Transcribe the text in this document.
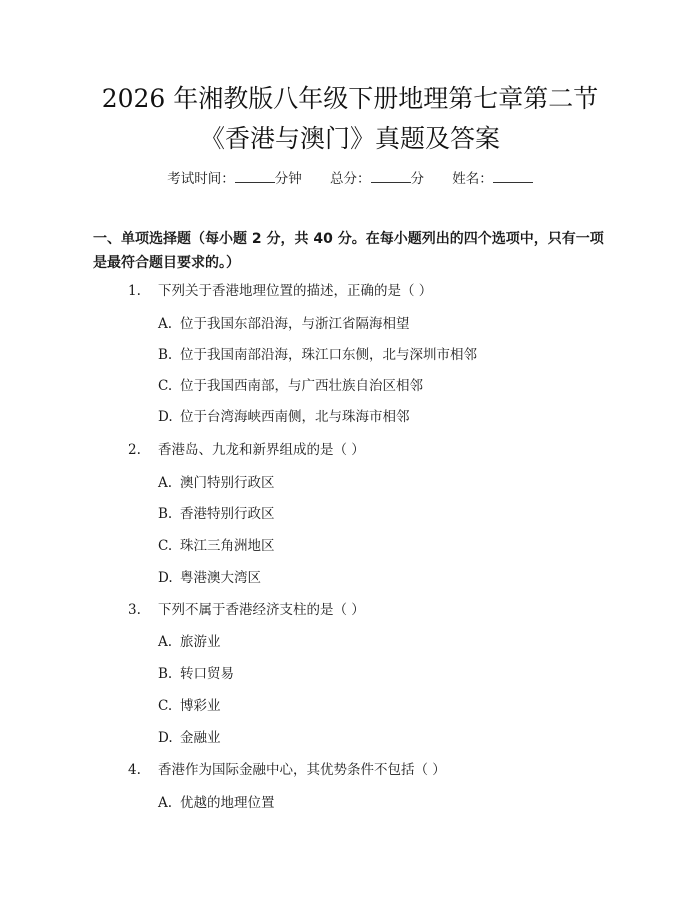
2026 年湘教版八年级下册地理第七章第二节
《香港与澳门》真题及答案
考试时间：	分钟 总分：	分 姓名：
一、单项选择题（每小题 2 分，共 40 分。在每小题列出的四个选项中，只有一项
是最符合题目要求的。）
1. 下列关于香港地理位置的描述，正确的是（ ）
A. 位于我国东部沿海，与浙江省隔海相望
B. 位于我国南部沿海，珠江口东侧，北与深圳市相邻
C. 位于我国西南部，与广西壮族自治区相邻
D. 位于台湾海峡西南侧，北与珠海市相邻
2. 香港岛、九龙和新界组成的是（ ）
A. 澳门特别行政区
B. 香港特别行政区
C. 珠江三角洲地区
D. 粤港澳大湾区
3. 下列不属于香港经济支柱的是（ ）
A. 旅游业
B. 转口贸易
C. 博彩业
D. 金融业
4. 香港作为国际金融中心，其优势条件不包括（ ）
A. 优越的地理位置
